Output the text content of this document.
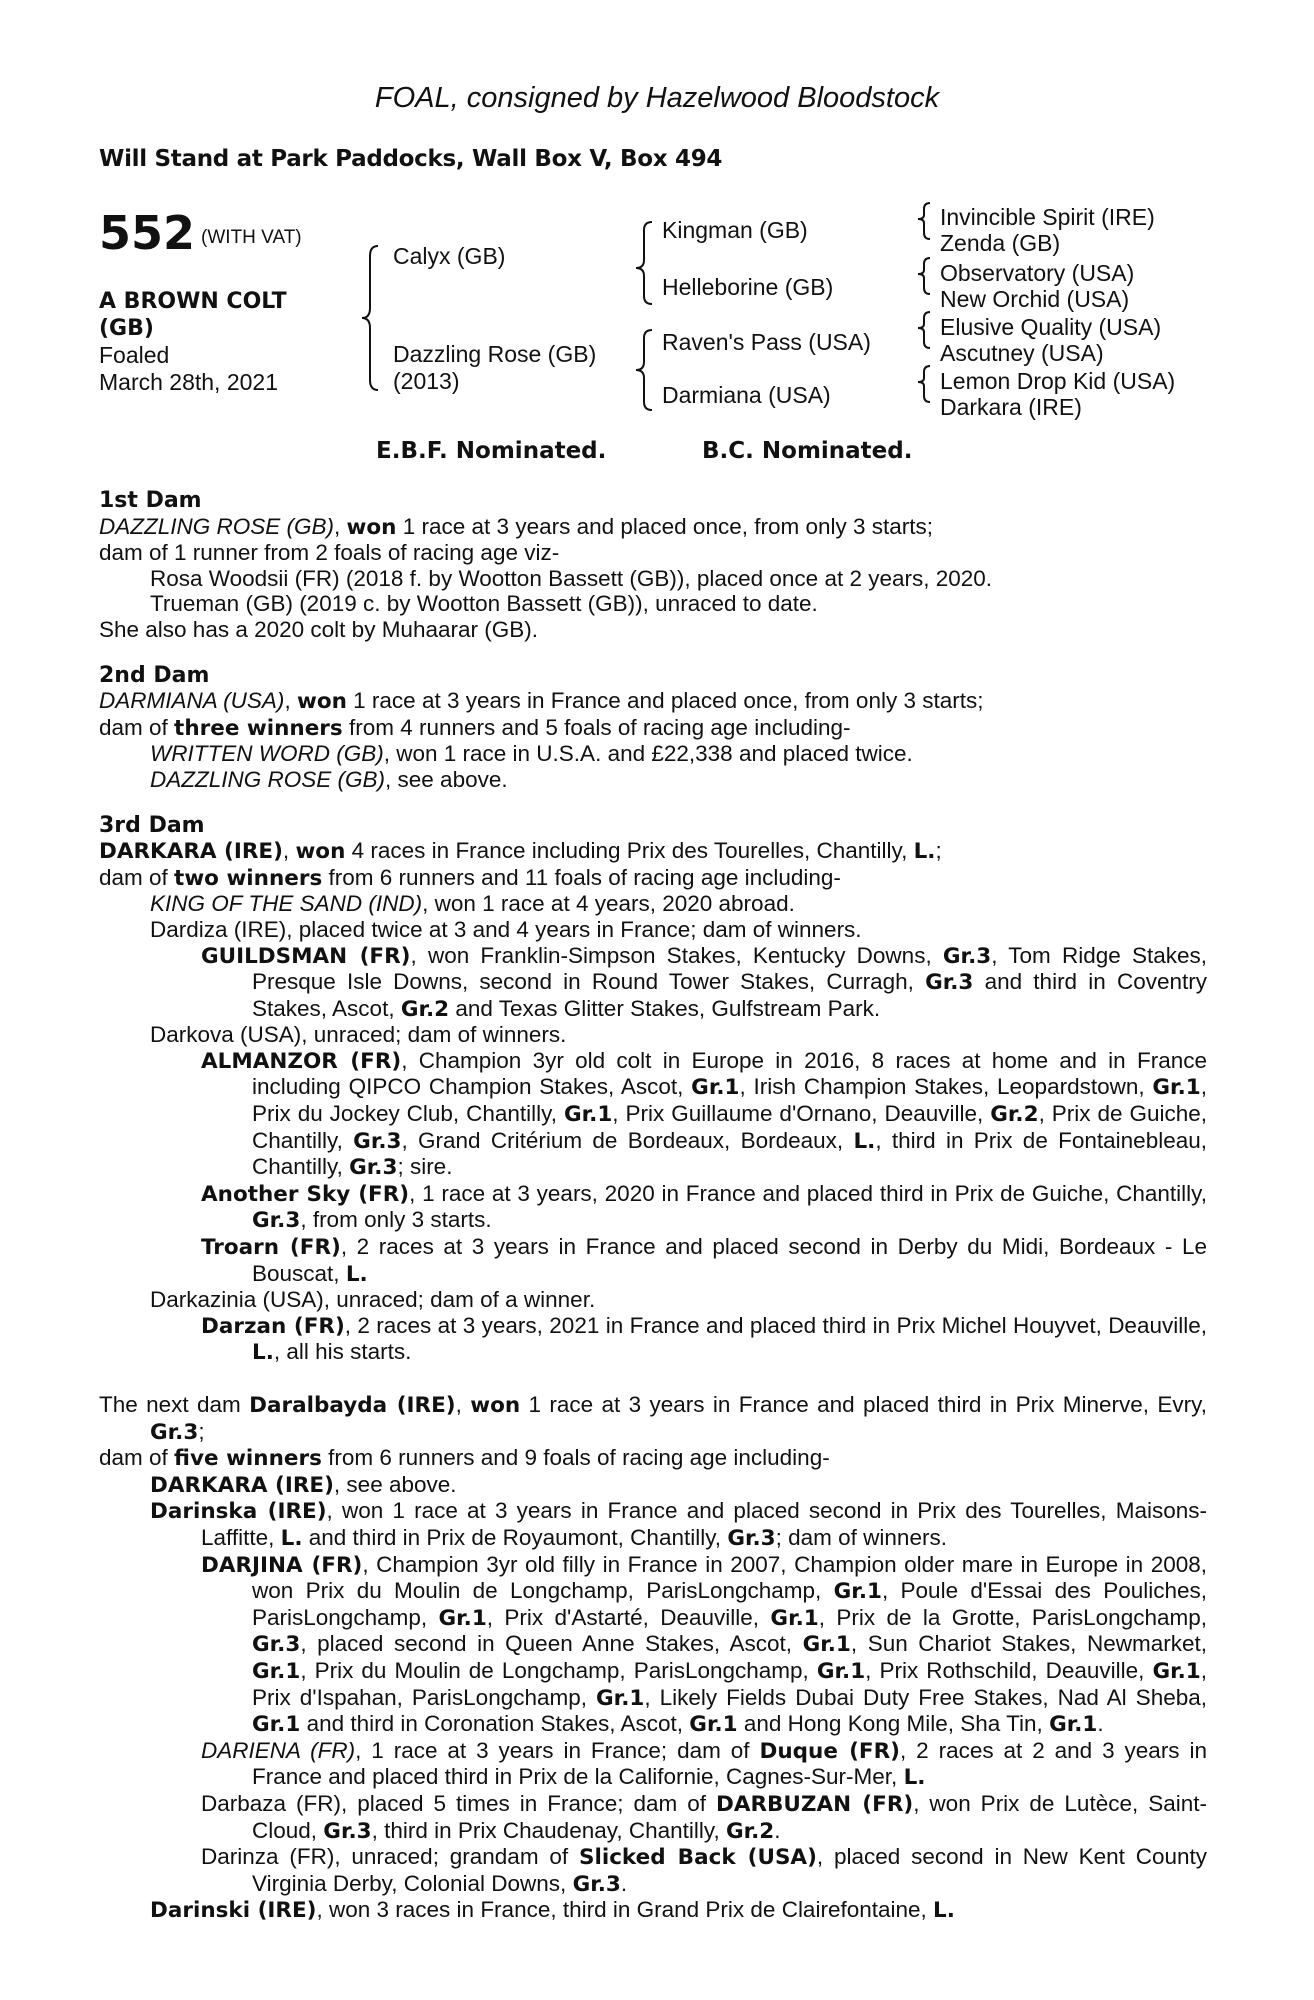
FOAL, consigned by Hazelwood Bloodstock
Will Stand at Park Paddocks, Wall Box V, Box 494
552 (WITH VAT)
A BROWN COLT
(GB)
Foaled
March 28th, 2021
Calyx (GB)
Dazzling Rose (GB)
(2013)
Kingman (GB)
Helleborine (GB)
Raven's Pass (USA)
Darmiana (USA)
Invincible Spirit (IRE)
Zenda (GB)
Observatory (USA)
New Orchid (USA)
Elusive Quality (USA)
Ascutney (USA)
Lemon Drop Kid (USA)
Darkara (IRE)
E.B.F. Nominated.	B.C. Nominated.
1st Dam

DAZZLING ROSE (GB), won 1 race at 3 years and placed once, from only 3 starts;

dam of 1 runner from 2 foals of racing age viz-

Rosa Woodsii (FR) (2018 f. by Wootton Bassett (GB)), placed once at 2 years, 2020.

Trueman (GB) (2019 c. by Wootton Bassett (GB)), unraced to date.

She also has a 2020 colt by Muhaarar (GB).

2nd Dam

DARMIANA (USA), won 1 race at 3 years in France and placed once, from only 3 starts;

dam of three winners from 4 runners and 5 foals of racing age including-

WRITTEN WORD (GB), won 1 race in U.S.A. and £22,338 and placed twice.

DAZZLING ROSE (GB), see above.

3rd Dam

DARKARA (IRE), won 4 races in France including Prix des Tourelles, Chantilly, L.;

dam of two winners from 6 runners and 11 foals of racing age including-

KING OF THE SAND (IND), won 1 race at 4 years, 2020 abroad.

Dardiza (IRE), placed twice at 3 and 4 years in France; dam of winners.

GUILDSMAN (FR), won Franklin-Simpson Stakes, Kentucky Downs, Gr.3, Tom Ridge Stakes, Presque Isle Downs, second in Round Tower Stakes, Curragh, Gr.3 and third in Coventry Stakes, Ascot, Gr.2 and Texas Glitter Stakes, Gulfstream Park.

Darkova (USA), unraced; dam of winners.

ALMANZOR (FR), Champion 3yr old colt in Europe in 2016, 8 races at home and in France including QIPCO Champion Stakes, Ascot, Gr.1, Irish Champion Stakes, Leopardstown, Gr.1, Prix du Jockey Club, Chantilly, Gr.1, Prix Guillaume d'Ornano, Deauville, Gr.2, Prix de Guiche, Chantilly, Gr.3, Grand Critérium de Bordeaux, Bordeaux, L., third in Prix de Fontainebleau, Chantilly, Gr.3; sire.

Another Sky (FR), 1 race at 3 years, 2020 in France and placed third in Prix de Guiche, Chantilly, Gr.3, from only 3 starts.

Troarn (FR), 2 races at 3 years in France and placed second in Derby du Midi, Bordeaux - Le Bouscat, L.

Darkazinia (USA), unraced; dam of a winner.

Darzan (FR), 2 races at 3 years, 2021 in France and placed third in Prix Michel Houyvet, Deauville, L., all his starts.

The next dam Daralbayda (IRE), won 1 race at 3 years in France and placed third in Prix Minerve, Evry, Gr.3;

dam of five winners from 6 runners and 9 foals of racing age including-

DARKARA (IRE), see above.

Darinska (IRE), won 1 race at 3 years in France and placed second in Prix des Tourelles, Maisons-Laffitte, L. and third in Prix de Royaumont, Chantilly, Gr.3; dam of winners.

DARJINA (FR), Champion 3yr old filly in France in 2007, Champion older mare in Europe in 2008, won Prix du Moulin de Longchamp, ParisLongchamp, Gr.1, Poule d'Essai des Pouliches, ParisLongchamp, Gr.1, Prix d'Astarté, Deauville, Gr.1, Prix de la Grotte, ParisLongchamp, Gr.3, placed second in Queen Anne Stakes, Ascot, Gr.1, Sun Chariot Stakes, Newmarket, Gr.1, Prix du Moulin de Longchamp, ParisLongchamp, Gr.1, Prix Rothschild, Deauville, Gr.1, Prix d'Ispahan, ParisLongchamp, Gr.1, Likely Fields Dubai Duty Free Stakes, Nad Al Sheba, Gr.1 and third in Coronation Stakes, Ascot, Gr.1 and Hong Kong Mile, Sha Tin, Gr.1.

DARIENA (FR), 1 race at 3 years in France; dam of Duque (FR), 2 races at 2 and 3 years in France and placed third in Prix de la Californie, Cagnes-Sur-Mer, L.

Darbaza (FR), placed 5 times in France; dam of DARBUZAN (FR), won Prix de Lutèce, Saint-Cloud, Gr.3, third in Prix Chaudenay, Chantilly, Gr.2.

Darinza (FR), unraced; grandam of Slicked Back (USA), placed second in New Kent County Virginia Derby, Colonial Downs, Gr.3.

Darinski (IRE), won 3 races in France, third in Grand Prix de Clairefontaine, L.
